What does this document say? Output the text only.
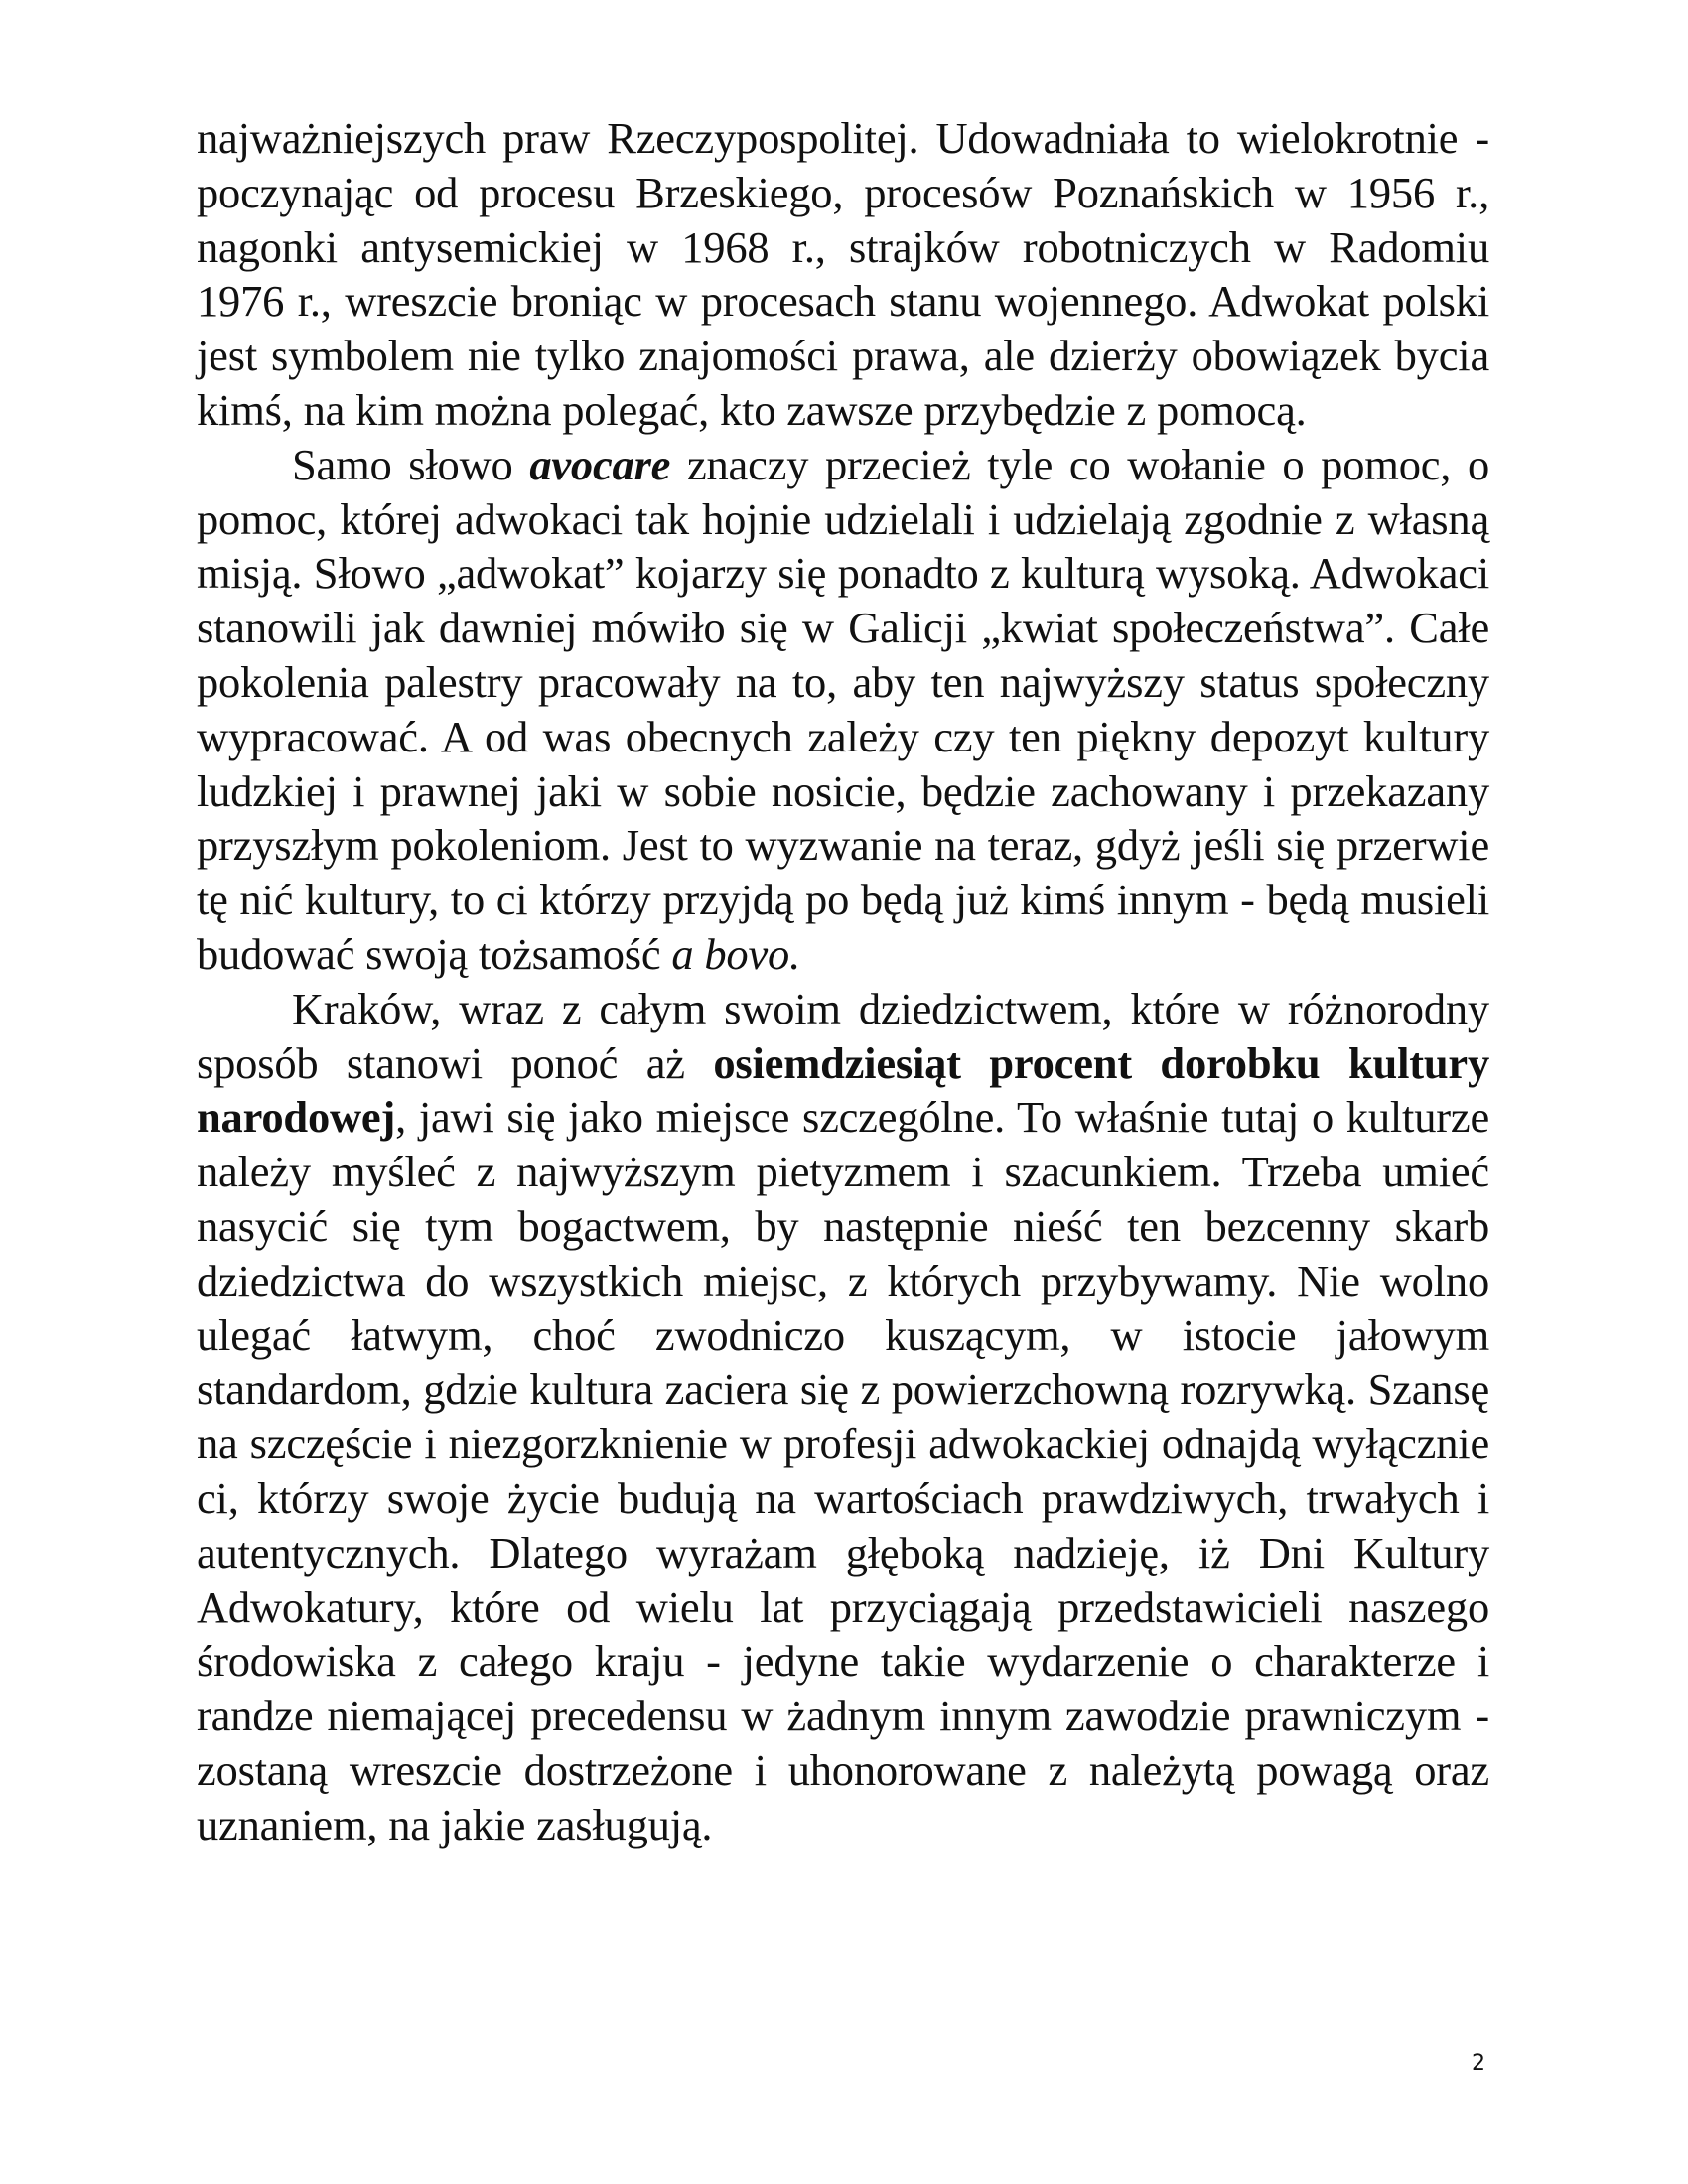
najważniejszych praw Rzeczypospolitej. Udowadniała to wielokrotnie - poczynając od procesu Brzeskiego, procesów Poznańskich w 1956 r., nagonki antysemickiej w 1968 r., strajków robotniczych w Radomiu 1976 r., wreszcie broniąc w procesach stanu wojennego. Adwokat polski jest symbolem nie tylko znajomości prawa, ale dzierży obowiązek bycia kimś, na kim można polegać, kto zawsze przybędzie z pomocą.

Samo słowo avocare znaczy przecież tyle co wołanie o pomoc, o pomoc, której adwokaci tak hojnie udzielali i udzielają zgodnie z własną misją. Słowo „adwokat” kojarzy się ponadto z kulturą wysoką. Adwokaci stanowili jak dawniej mówiło się w Galicji „kwiat społeczeństwa”. Całe pokolenia palestry pracowały na to, aby ten najwyższy status społeczny wypracować. A od was obecnych zależy czy ten piękny depozyt kultury ludzkiej i prawnej jaki w sobie nosicie, będzie zachowany i przekazany przyszłym pokoleniom. Jest to wyzwanie na teraz, gdyż jeśli się przerwie tę nić kultury, to ci którzy przyjdą po będą już kimś innym - będą musieli budować swoją tożsamość a bovo.

Kraków, wraz z całym swoim dziedzictwem, które w różnorodny sposób stanowi ponoć aż osiemdziesiąt procent dorobku kultury narodowej, jawi się jako miejsce szczególne. To właśnie tutaj o kulturze należy myśleć z najwyższym pietyzmem i szacunkiem. Trzeba umieć nasycić się tym bogactwem, by następnie nieść ten bezcenny skarb dziedzictwa do wszystkich miejsc, z których przybywamy. Nie wolno ulegać łatwym, choć zwodniczo kuszącym, w istocie jałowym standardom, gdzie kultura zaciera się z powierzchowną rozrywką. Szansę na szczęście i niezgorzknienie w profesji adwokackiej odnajdą wyłącznie ci, którzy swoje życie budują na wartościach prawdziwych, trwałych i autentycznych. Dlatego wyrażam głęboką nadzieję, iż Dni Kultury Adwokatury, które od wielu lat przyciągają przedstawicieli naszego środowiska z całego kraju - jedyne takie wydarzenie o charakterze i randze niemającej precedensu w żadnym innym zawodzie prawniczym - zostaną wreszcie dostrzeżone i uhonorowane z należytą powagą oraz uznaniem, na jakie zasługują.

2
